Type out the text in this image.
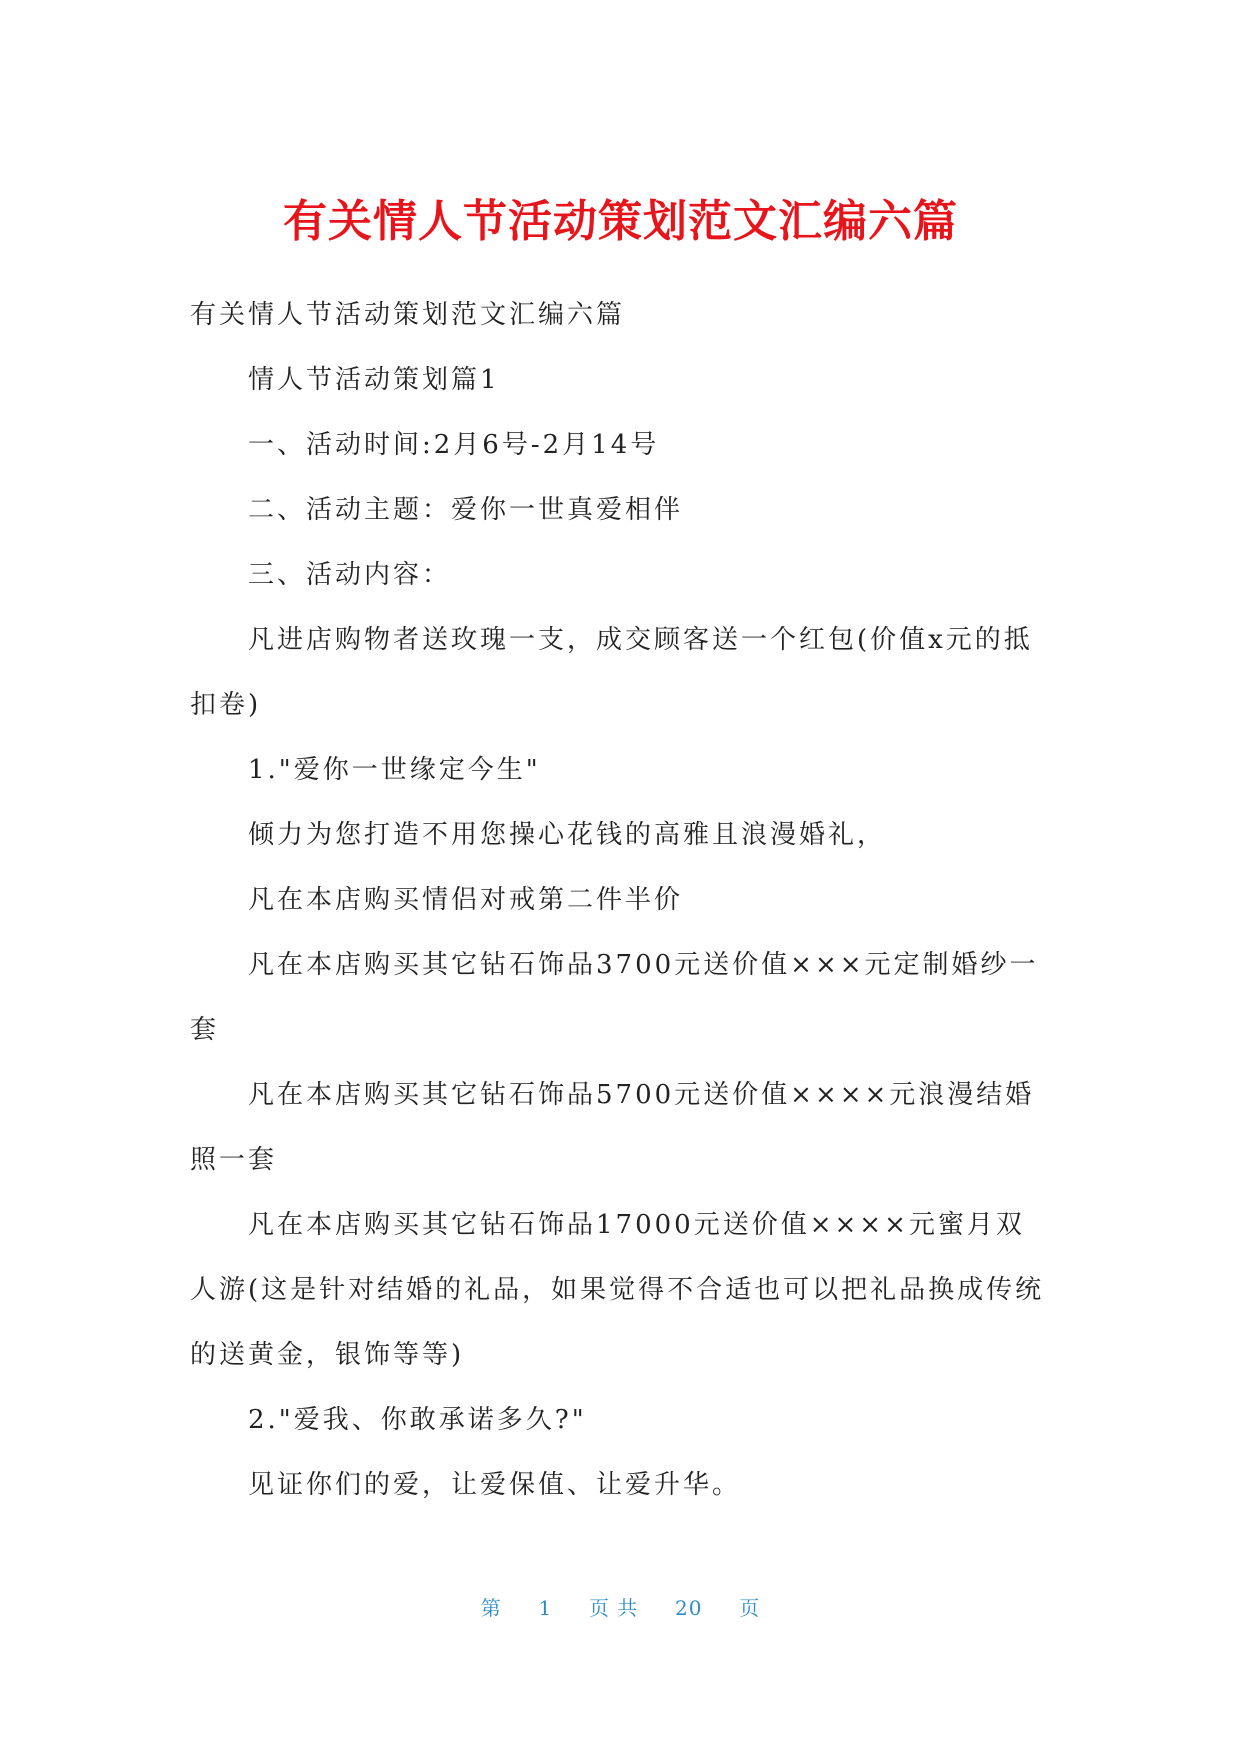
有关情人节活动策划范文汇编六篇

有关情人节活动策划范文汇编六篇

情人节活动策划篇1

一、活动时间:2月6号-2月14号

二、活动主题：爱你一世真爱相伴

三、活动内容：

凡进店购物者送玫瑰一支，成交顾客送一个红包(价值x元的抵扣卷)

1."爱你一世缘定今生"

倾力为您打造不用您操心花钱的高雅且浪漫婚礼，

凡在本店购买情侣对戒第二件半价

凡在本店购买其它钻石饰品3700元送价值×××元定制婚纱一套

凡在本店购买其它钻石饰品5700元送价值××××元浪漫结婚照一套

凡在本店购买其它钻石饰品17000元送价值××××元蜜月双人游(这是针对结婚的礼品，如果觉得不合适也可以把礼品换成传统的送黄金，银饰等等)

2."爱我、你敢承诺多久?"

见证你们的爱，让爱保值、让爱升华。

第 1 页 共 20 页
